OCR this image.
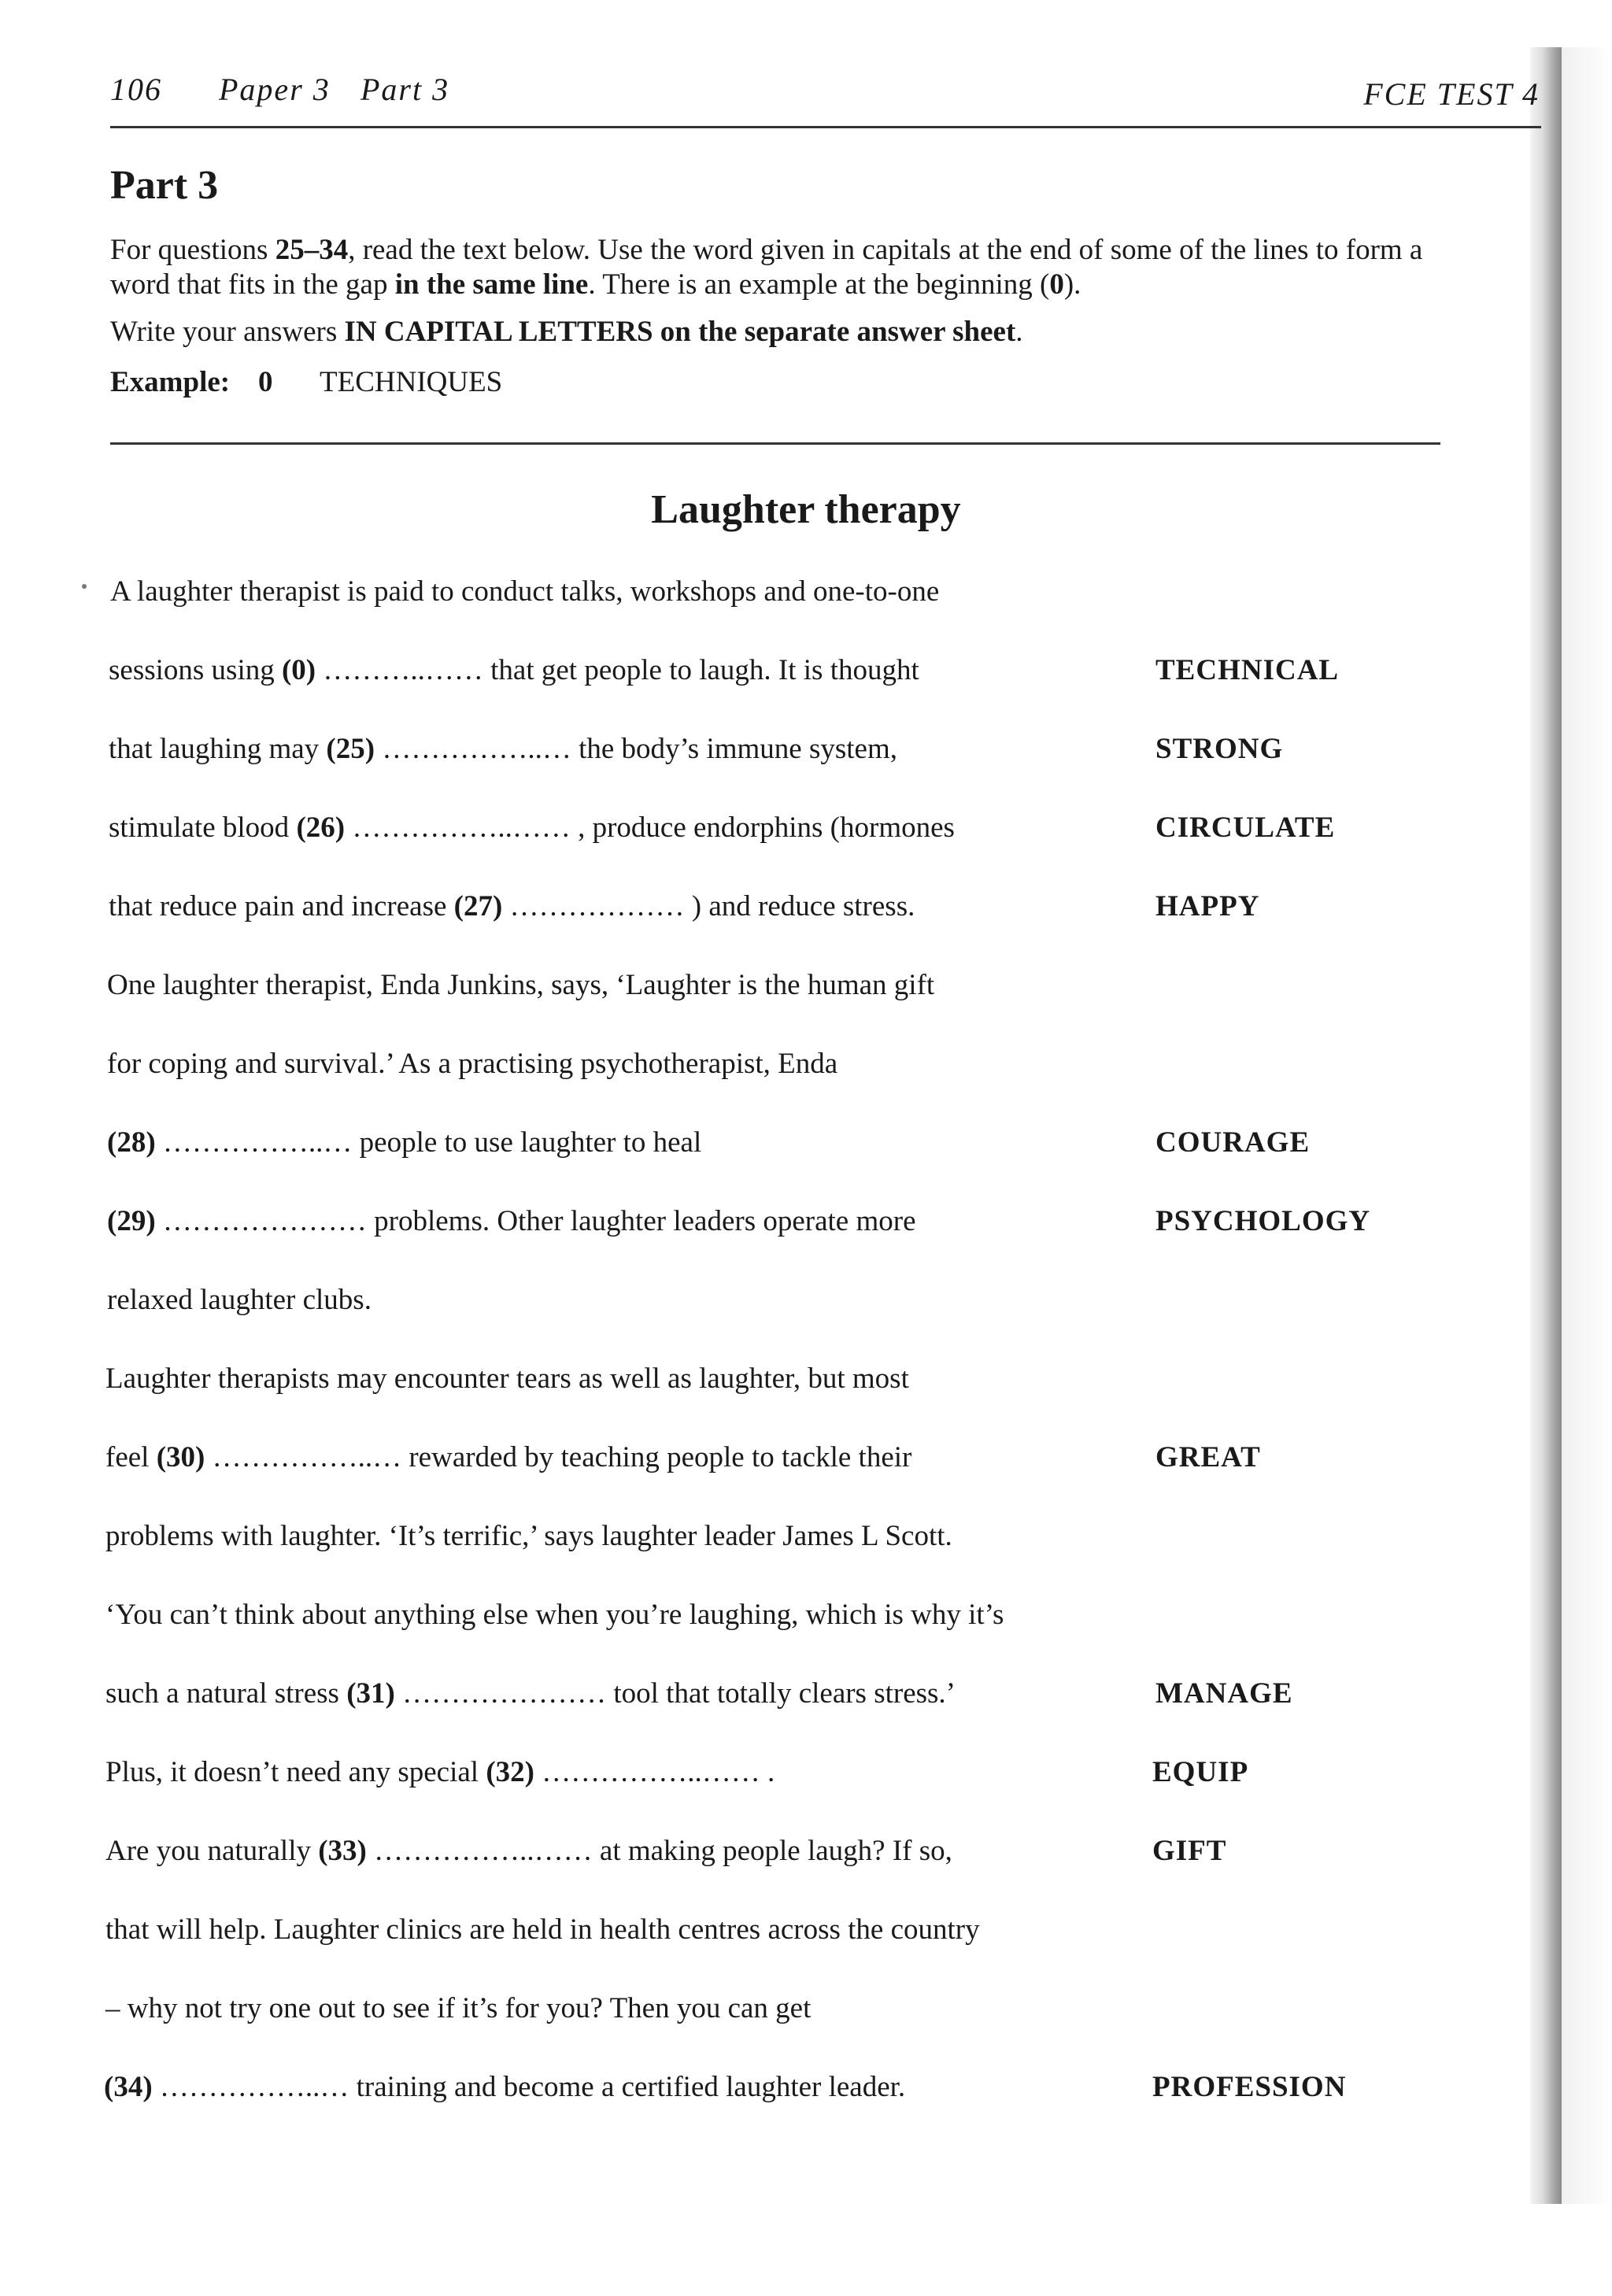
106 Paper 3 Part 3	FCE TEST 4
Part 3

For questions 25–34, read the text below. Use the word given in capitals at the end of some of the lines to form a word that fits in the gap in the same line. There is an example at the beginning (0).

Write your answers IN CAPITAL LETTERS on the separate answer sheet.

Example: 0 TECHNIQUES
Laughter therapy
A laughter therapist is paid to conduct talks, workshops and one-to-one
sessions using (0) ………..…… that get people to laugh. It is thought	TECHNICAL
that laughing may (25) ……………..… the body’s immune system,	STRONG
stimulate blood (26) ……………..…… , produce endorphins (hormones	CIRCULATE
that reduce pain and increase (27) ……………… ) and reduce stress.	HAPPY
One laughter therapist, Enda Junkins, says, ‘Laughter is the human gift
for coping and survival.’ As a practising psychotherapist, Enda
(28) ……………..… people to use laughter to heal	COURAGE
(29) ………………… problems. Other laughter leaders operate more	PSYCHOLOGY
relaxed laughter clubs.
Laughter therapists may encounter tears as well as laughter, but most
feel (30) ……………..… rewarded by teaching people to tackle their	GREAT
problems with laughter. ‘It’s terrific,’ says laughter leader James L Scott.
‘You can’t think about anything else when you’re laughing, which is why it’s
such a natural stress (31) ………………… tool that totally clears stress.’	MANAGE
Plus, it doesn’t need any special (32) ……………..…… .	EQUIP
Are you naturally (33) ……………..…… at making people laugh? If so,	GIFT
that will help. Laughter clinics are held in health centres across the country
– why not try one out to see if it’s for you? Then you can get
(34) ……………..… training and become a certified laughter leader.	PROFESSION
